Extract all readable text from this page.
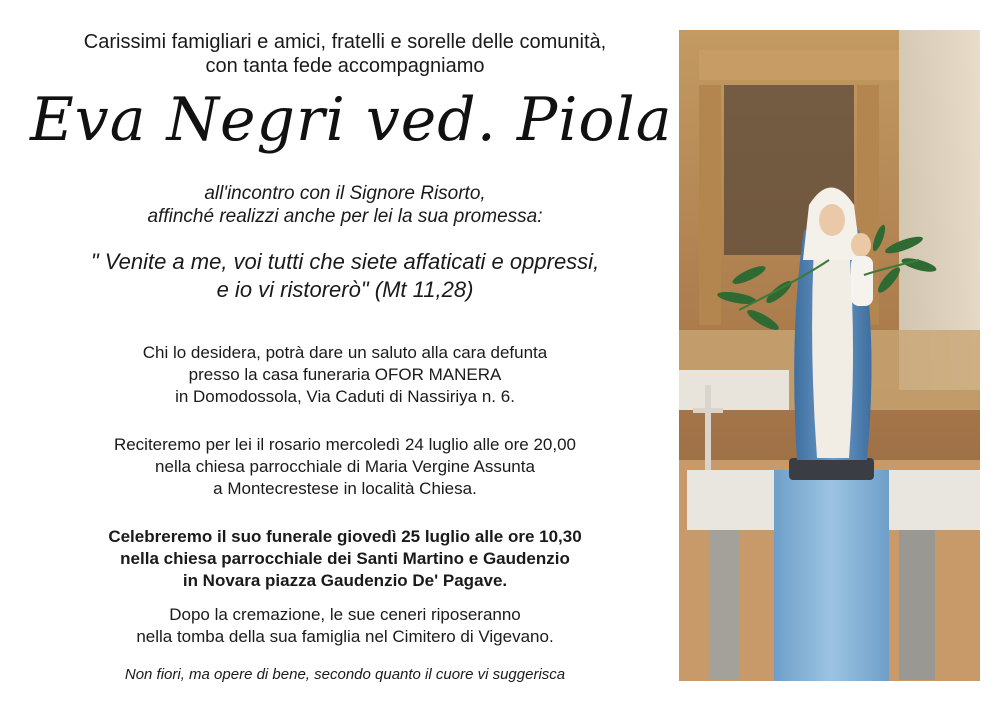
Carissimi famigliari e amici, fratelli e sorelle delle comunità,
con tanta fede accompagniamo
Eva Negri ved. Piola
all'incontro con il Signore Risorto,
affinché realizzi anche per lei la sua promessa:
" Venite a me, voi tutti che siete affaticati e oppressi,
e io vi ristorerò" (Mt 11,28)
Chi lo desidera, potrà dare un saluto alla cara defunta
presso la casa funeraria OFOR MANERA
in Domodossola, Via Caduti di Nassiriya n. 6.
Reciteremo per lei il rosario mercoledì 24 luglio alle ore 20,00
nella chiesa parrocchiale di Maria Vergine Assunta
a Montecrestese in località Chiesa.
Celebreremo il suo funerale giovedì 25 luglio alle ore 10,30
nella chiesa parrocchiale dei Santi Martino e Gaudenzio
in Novara piazza Gaudenzio De' Pagave.
Dopo la cremazione, le sue ceneri riposeranno
nella tomba della sua famiglia nel Cimitero di Vigevano.
Non fiori, ma opere di bene, secondo quanto il cuore vi suggerisca
